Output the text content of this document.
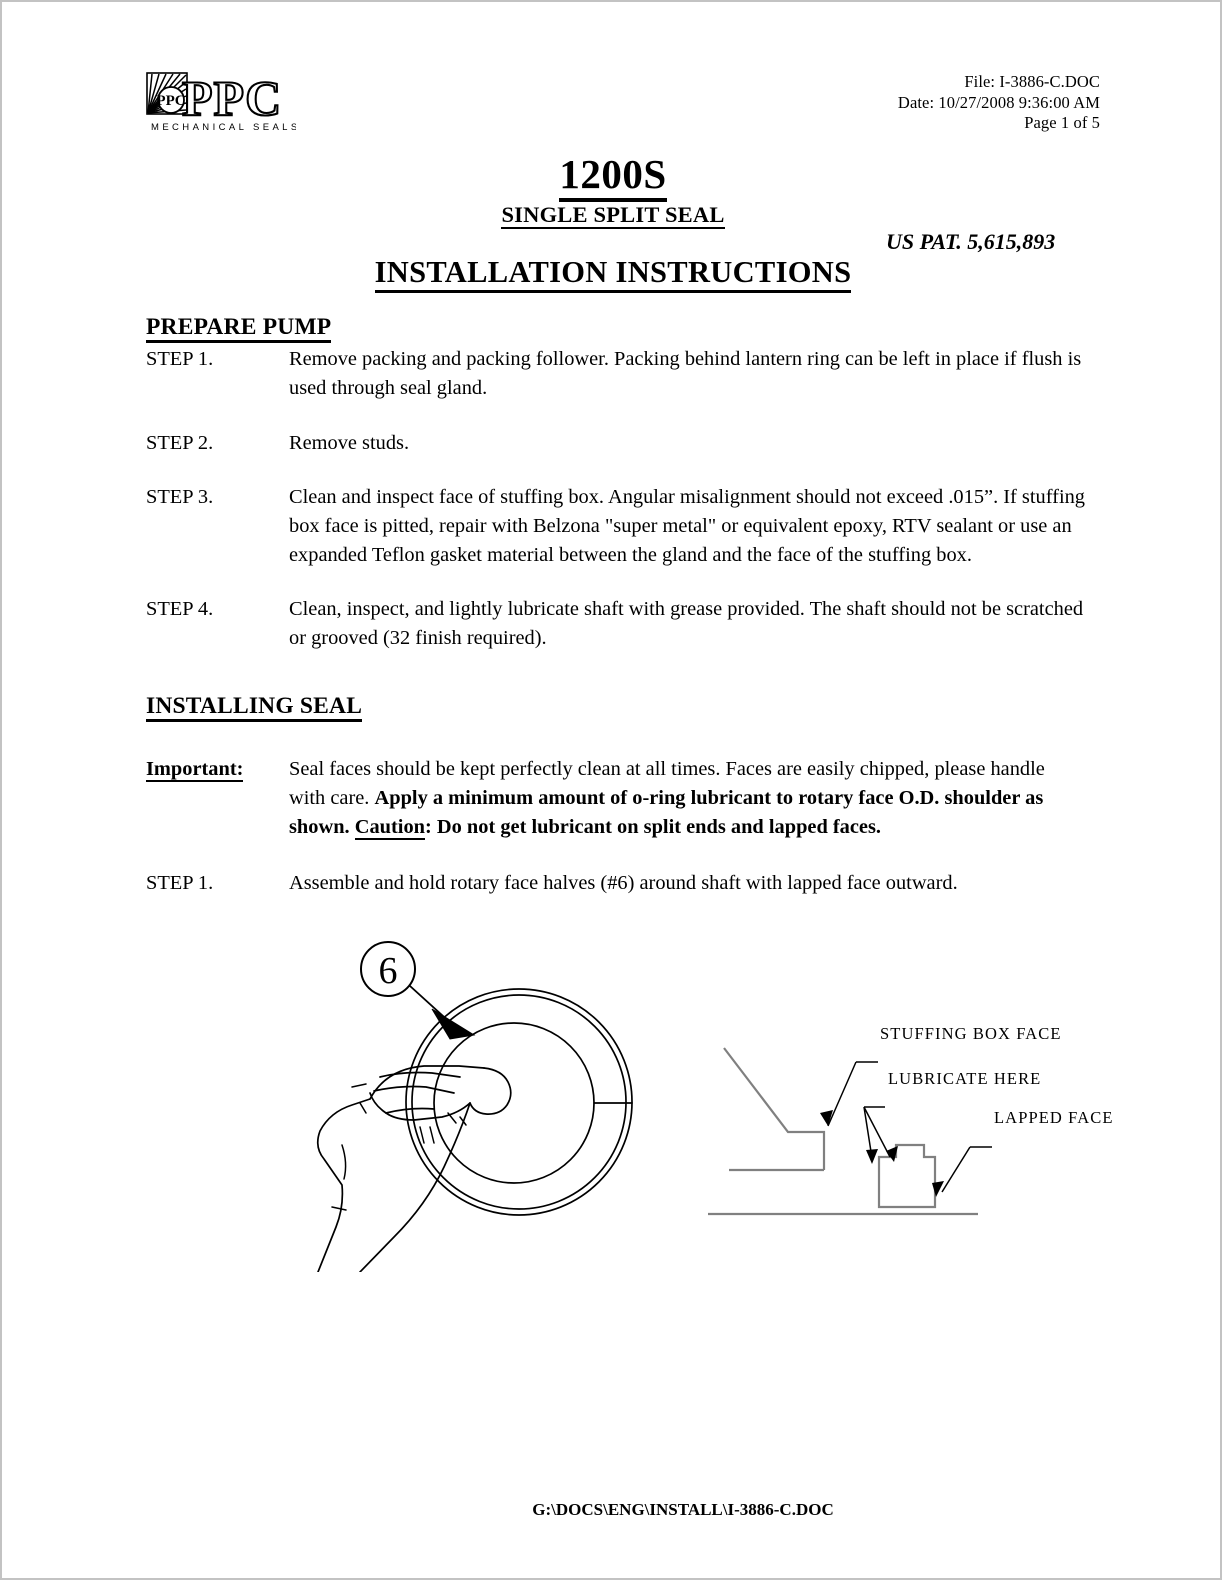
PPC
PPC
MECHANICAL SEALS
File: I-3886-C.DOC
Date: 10/27/2008 9:36:00 AM
Page 1 of 5
1200S
SINGLE SPLIT SEAL
US PAT. 5,615,893
INSTALLATION INSTRUCTIONS
PREPARE PUMP
STEP 1.	Remove packing and packing follower. Packing behind lantern ring can be left in place if flush is used through seal gland.
STEP 2.	Remove studs.
STEP 3.	Clean and inspect face of stuffing box. Angular misalignment should not exceed .015”. If stuffing box face is pitted, repair with Belzona "super metal" or equivalent epoxy, RTV sealant or use an expanded Teflon gasket material between the gland and the face of the stuffing box.
STEP 4.	Clean, inspect, and lightly lubricate shaft with grease provided. The shaft should not be scratched or grooved (32 finish required).
INSTALLING SEAL
Important:	Seal faces should be kept perfectly clean at all times. Faces are easily chipped, please handle with care. Apply a minimum amount of o-ring lubricant to rotary face O.D. shoulder as shown. Caution: Do not get lubricant on split ends and lapped faces.
STEP 1.	Assemble and hold rotary face halves (#6) around shaft with lapped face outward.
6
STUFFING BOX FACE
LUBRICATE HERE
LAPPED FACE
G:\DOCS\ENG\INSTALL\I-3886-C.DOC
